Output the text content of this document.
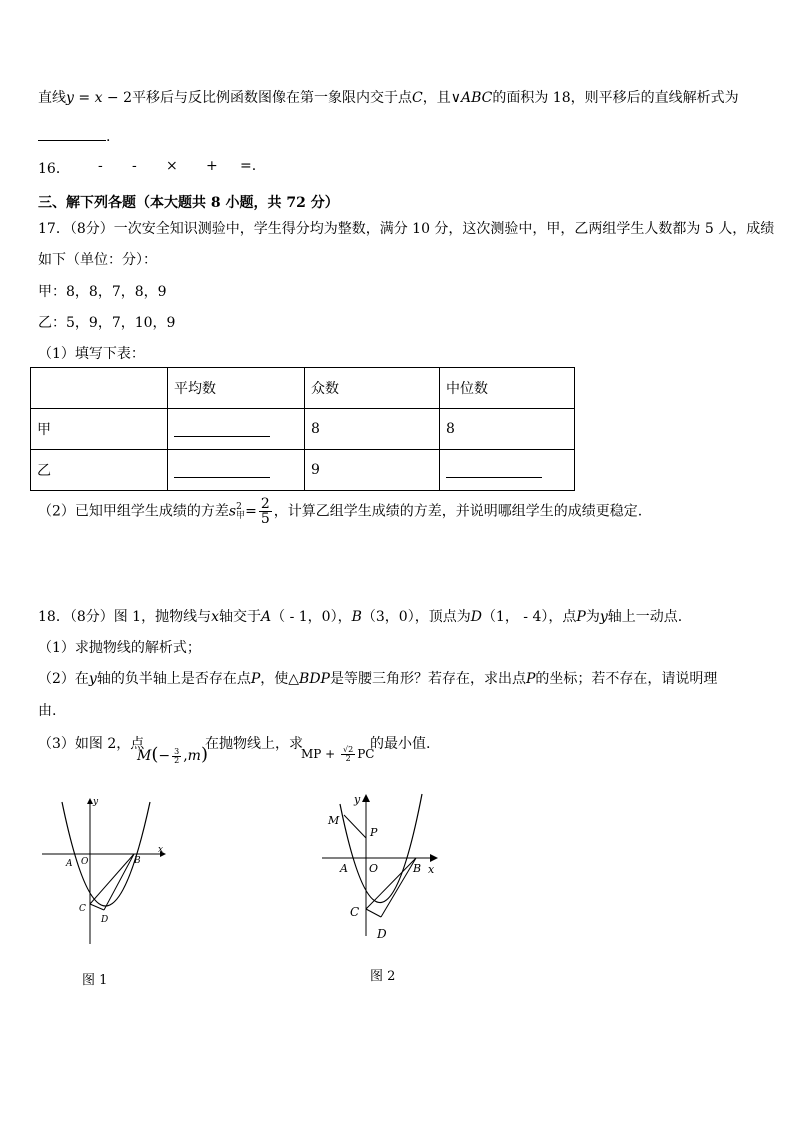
直线y = x − 2平移后与反比例函数图像在第一象限内交于点C，且∨ABC的面积为 18，则平移后的直线解析式为
.
16． - - × + =.
三、解下列各题（本大题共 8 小题，共 72 分）
17．（8分）一次安全知识测验中，学生得分均为整数，满分 10 分，这次测验中，甲，乙两组学生人数都为 5 人，成绩
如下（单位：分）：
甲：8，8，7，8，9
乙：5，9，7，10，9
（1）填写下表：
	平均数	众数	中位数
甲		8	8
乙		9	
（2）已知甲组学生成绩的方差s 2
甲 = $\frac{2}{5}$ ，计算乙组学生成绩的方差，并说明哪组学生的成绩更稳定.
18．（8分）图 1，抛物线与x轴交于A（ - 1，0），B（3，0），顶点为D（1， - 4），点P为y轴上一动点.
（1）求抛物线的解析式；
（2）在y轴的负半轴上是否存在点P，使△BDP是等腰三角形？若存在，求出点P的坐标；若不存在，请说明理
由.
（3）如图 2，点
$M(- \frac{3}{2} ,m)$
在抛物线上，求
MP + $\frac{√2}{2}$ PC
的最小值.
y
x
A O	B
C
D
图 1
y
x
M
P
A O	B
C
D
图 2
